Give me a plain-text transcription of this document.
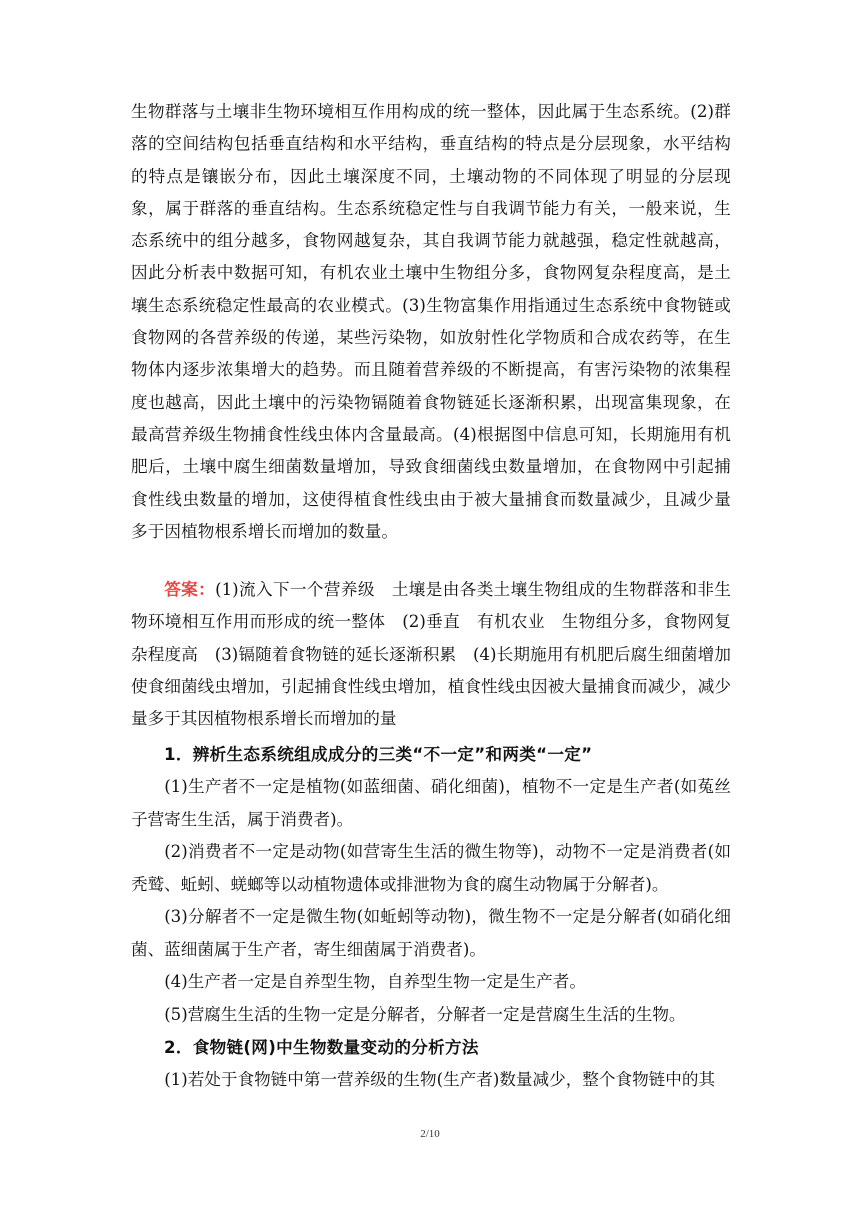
生物群落与土壤非生物环境相互作用构成的统一整体，因此属于生态系统。(2)群落的空间结构包括垂直结构和水平结构，垂直结构的特点是分层现象，水平结构的特点是镶嵌分布，因此土壤深度不同，土壤动物的不同体现了明显的分层现象，属于群落的垂直结构。生态系统稳定性与自我调节能力有关，一般来说，生态系统中的组分越多，食物网越复杂，其自我调节能力就越强，稳定性就越高，因此分析表中数据可知，有机农业土壤中生物组分多，食物网复杂程度高，是土壤生态系统稳定性最高的农业模式。(3)生物富集作用指通过生态系统中食物链或食物网的各营养级的传递，某些污染物，如放射性化学物质和合成农药等，在生物体内逐步浓集增大的趋势。而且随着营养级的不断提高，有害污染物的浓集程度也越高，因此土壤中的污染物镉随着食物链延长逐渐积累，出现富集现象，在最高营养级生物捕食性线虫体内含量最高。(4)根据图中信息可知，长期施用有机肥后，土壤中腐生细菌数量增加，导致食细菌线虫数量增加，在食物网中引起捕食性线虫数量的增加，这使得植食性线虫由于被大量捕食而数量减少，且减少量多于因植物根系增长而增加的数量。
答案：(1)流入下一个营养级　土壤是由各类土壤生物组成的生物群落和非生物环境相互作用而形成的统一整体　(2)垂直　有机农业　生物组分多，食物网复杂程度高　(3)镉随着食物链的延长逐渐积累　(4)长期施用有机肥后腐生细菌增加使食细菌线虫增加，引起捕食性线虫增加，植食性线虫因被大量捕食而减少，减少量多于其因植物根系增长而增加的量
1．辨析生态系统组成成分的三类“不一定”和两类“一定”
(1)生产者不一定是植物(如蓝细菌、硝化细菌)，植物不一定是生产者(如菟丝子营寄生生活，属于消费者)。
(2)消费者不一定是动物(如营寄生生活的微生物等)，动物不一定是消费者(如秃鹫、蚯蚓、蜣螂等以动植物遗体或排泄物为食的腐生动物属于分解者)。
(3)分解者不一定是微生物(如蚯蚓等动物)，微生物不一定是分解者(如硝化细菌、蓝细菌属于生产者，寄生细菌属于消费者)。
(4)生产者一定是自养型生物，自养型生物一定是生产者。
(5)营腐生生活的生物一定是分解者，分解者一定是营腐生生活的生物。
2．食物链(网)中生物数量变动的分析方法
(1)若处于食物链中第一营养级的生物(生产者)数量减少，整个食物链中的其
2/10
